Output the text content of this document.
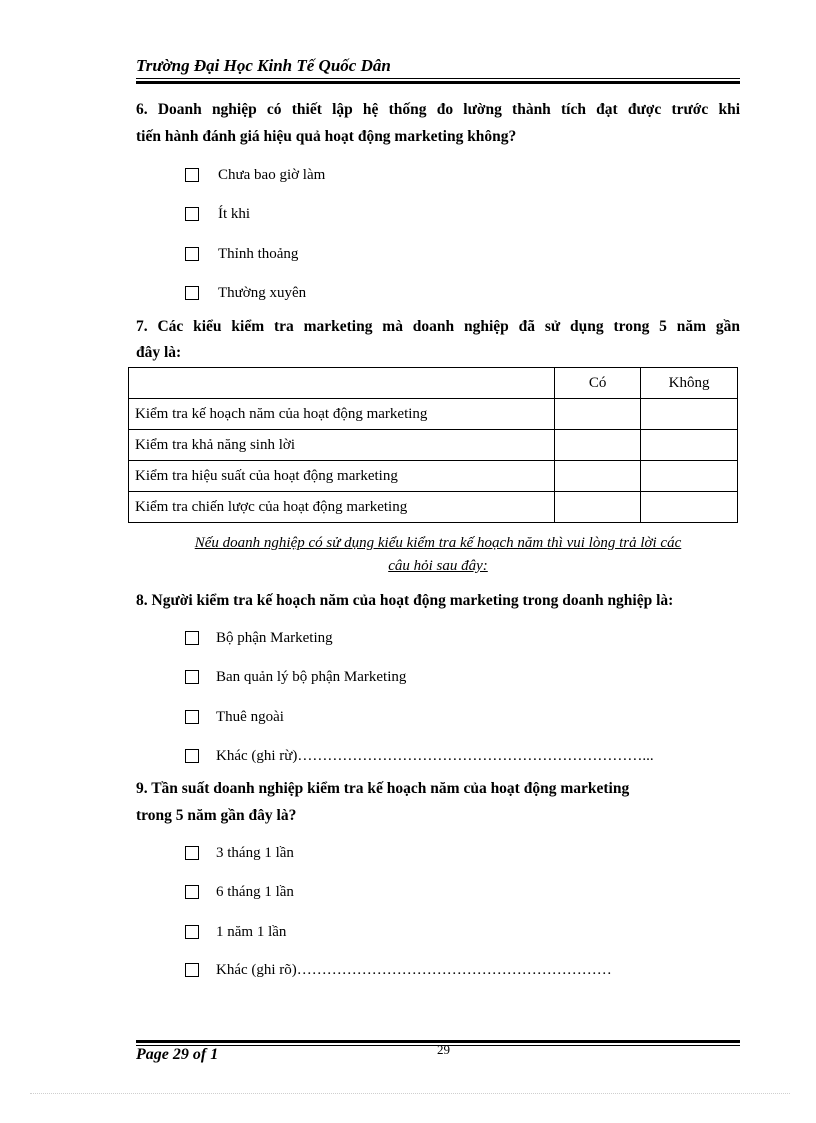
Trường Đại Học Kinh Tế Quốc Dân
6. Doanh nghiệp có thiết lập hệ thống đo lường thành tích đạt được trước khi
tiến hành đánh giá hiệu quả hoạt động marketing không?
Chưa bao giờ làm
Ít khi
Thỉnh thoảng
Thường xuyên
7. Các kiểu kiểm tra marketing mà doanh nghiệp đã sử dụng trong 5 năm gần
đây là:
	Có	Không
Kiểm tra kế hoạch năm của hoạt động marketing		
Kiểm tra khả năng sinh lời		
Kiểm tra hiệu suất của hoạt động marketing		
Kiểm tra chiến lược của hoạt động marketing		
Nếu doanh nghiệp có sử dụng kiểu kiểm tra kế hoạch năm thì vui lòng trả lời các
câu hỏi sau đây:
8. Người kiểm tra kế hoạch năm của hoạt động marketing trong doanh nghiệp là:
Bộ phận Marketing
Ban quản lý bộ phận Marketing
Thuê ngoài
Khác (ghi rừ)……………………………………………………………...
9. Tần suất doanh nghiệp kiểm tra kế hoạch năm của hoạt động marketing
trong 5 năm gần đây là?
3 tháng 1 lần
6 tháng 1 lần
1 năm 1 lần
Khác (ghi rõ)………………………………………………………
Page 29 of 1	29
